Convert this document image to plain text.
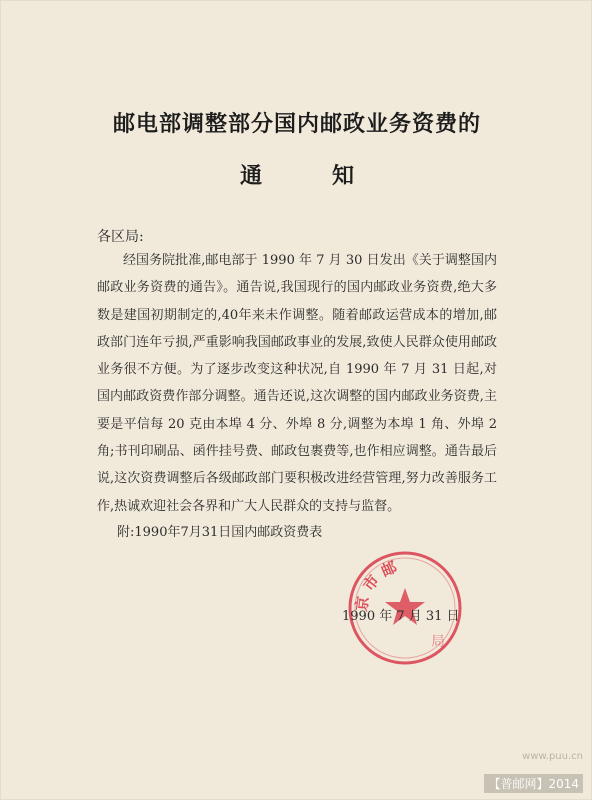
邮电部调整部分国内邮政业务资费的
通	知
各区局:
经国务院批准,邮电部于 1990 年 7 月 30 日发出《关于调整国内邮政业务资费的通告》。通告说,我国现行的国内邮政业务资费,绝大多数是建国初期制定的,40年来未作调整。随着邮政运营成本的增加,邮政部门连年亏损,严重影响我国邮政事业的发展,致使人民群众使用邮政业务很不方便。为了逐步改变这种状况,自 1990 年 7 月 31 日起,对国内邮政资费作部分调整。通告还说,这次调整的国内邮政业务资费,主要是平信每 20 克由本埠 4 分、外埠 8 分,调整为本埠 1 角、外埠 2 角;书刊印刷品、函件挂号费、邮政包裹费等,也作相应调整。通告最后说,这次资费调整后各级邮政部门要积极改进经营管理,努力改善服务工作,热诚欢迎社会各界和广大人民群众的支持与监督。
附:1990年7月31日国内邮政资费表
京 市 邮
局
1990 年 7 月 31 日
www.puu.cn
【普邮网】2014
